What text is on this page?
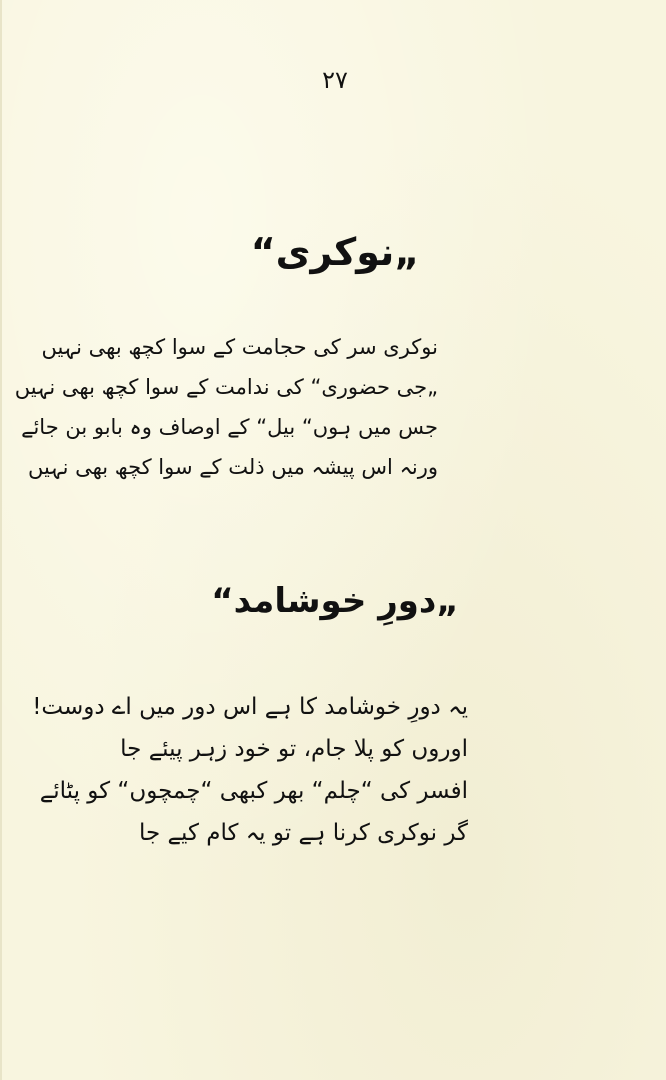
۲۷
„نوکری“
نوکری سر کی حجامت کے سوا کچھ بھی نہیں
„جی حضوری“ کی ندامت کے سوا کچھ بھی نہیں
جس میں ہوں“ بیل“ کے اوصاف وہ بابو بن جائے
ورنہ اس پیشہ میں ذلت کے سوا کچھ بھی نہیں
„دورِ خوشامد“
یہ دورِ خوشامد کا ہے اس دور میں اے دوست!
اوروں کو پلا جام، تو خود زہر پیئے جا
افسر کی “چلم“ بھر کبھی “چمچوں“ کو پٹائے
گر نوکری کرنا ہے تو یہ کام کیے جا
